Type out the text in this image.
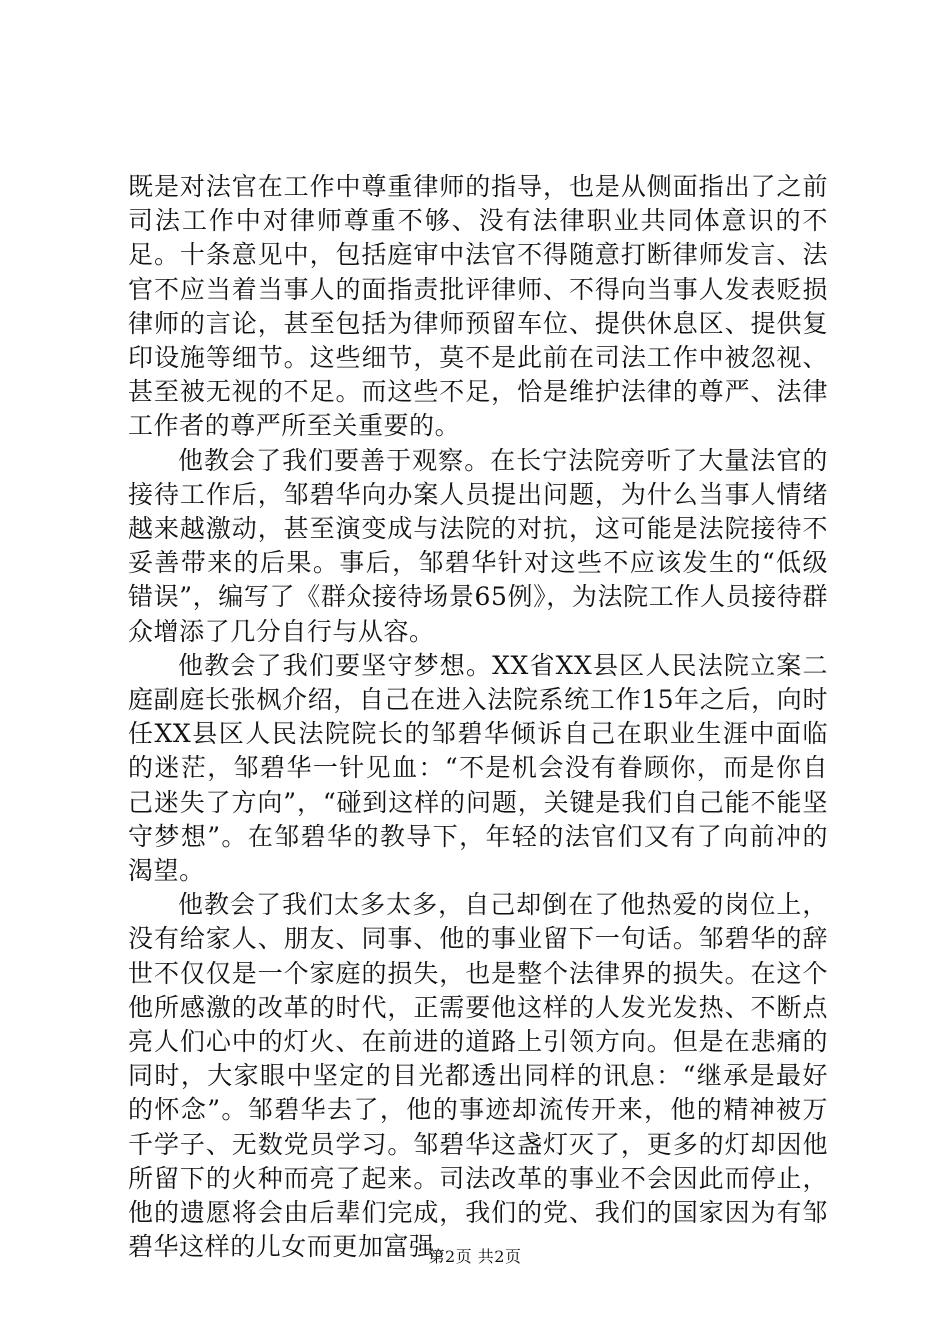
既是对法官在工作中尊重律师的指导，也是从侧面指出了之前司法工作中对律师尊重不够、没有法律职业共同体意识的不足。十条意见中，包括庭审中法官不得随意打断律师发言、法官不应当着当事人的面指责批评律师、不得向当事人发表贬损律师的言论，甚至包括为律师预留车位、提供休息区、提供复印设施等细节。这些细节，莫不是此前在司法工作中被忽视、甚至被无视的不足。而这些不足，恰是维护法律的尊严、法律工作者的尊严所至关重要的。

他教会了我们要善于观察。在长宁法院旁听了大量法官的接待工作后，邹碧华向办案人员提出问题，为什么当事人情绪越来越激动，甚至演变成与法院的对抗，这可能是法院接待不妥善带来的后果。事后，邹碧华针对这些不应该发生的“低级错误”，编写了《群众接待场景65例》，为法院工作人员接待群众增添了几分自行与从容。

他教会了我们要坚守梦想。XX省XX县区人民法院立案二庭副庭长张枫介绍，自己在进入法院系统工作15年之后，向时任XX县区人民法院院长的邹碧华倾诉自己在职业生涯中面临的迷茫，邹碧华一针见血：“不是机会没有眷顾你，而是你自己迷失了方向”，“碰到这样的问题，关键是我们自己能不能坚守梦想”。在邹碧华的教导下，年轻的法官们又有了向前冲的渴望。

他教会了我们太多太多，自己却倒在了他热爱的岗位上，没有给家人、朋友、同事、他的事业留下一句话。邹碧华的辞世不仅仅是一个家庭的损失，也是整个法律界的损失。在这个他所感激的改革的时代，正需要他这样的人发光发热、不断点亮人们心中的灯火、在前进的道路上引领方向。但是在悲痛的同时，大家眼中坚定的目光都透出同样的讯息：“继承是最好的怀念”。邹碧华去了，他的事迹却流传开来，他的精神被万千学子、无数党员学习。邹碧华这盏灯灭了，更多的灯却因他所留下的火种而亮了起来。司法改革的事业不会因此而停止，他的遗愿将会由后辈们完成，我们的党、我们的国家因为有邹碧华这样的儿女而更加富强。

第2页 共2页
